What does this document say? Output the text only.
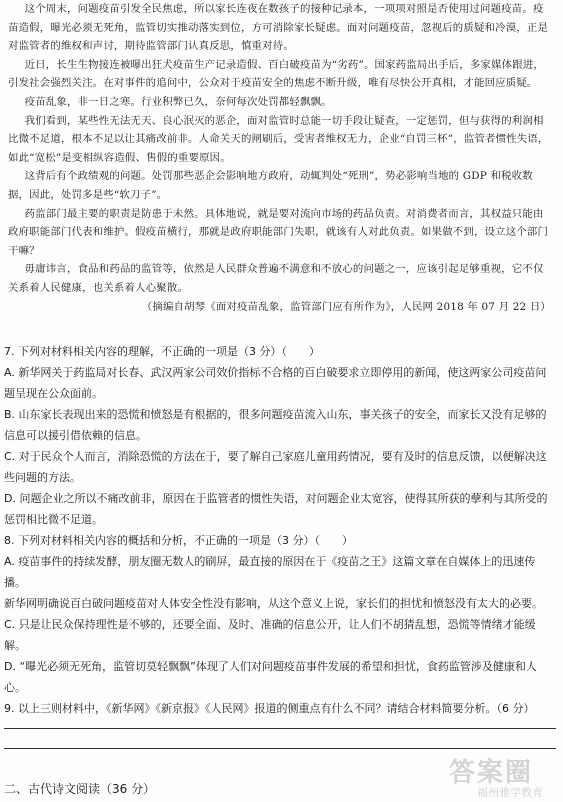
这个周末，问题疫苗引发全民焦虑，所以家长连夜在数孩子的接种记录本，一项项对照是否使用过问题疫苗。疫苗造假，曝光必须无死角，监管切实推动落实到位，方可消除家长疑虑。面对问题疫苗，忽视后的质疑和冷漠，正是对监管者的维权和声讨，期待监管部门认真反思，慎重对待。

近日，长生生物接连被曝出狂犬疫苗生产记录造假、百白破疫苗为“劣药”。国家药监局出手后，多家媒体跟进，引发社会强烈关注。在对事件的追问中，公众对于疫苗安全的焦虑不断升级，唯有尽快公开真相，才能回应质疑。

疫苗乱象，非一日之寒。行业积弊已久，奈何每次处罚都轻飘飘。

我们看到，某些性无法无天、良心泯灭的恶企，面对监管时总能一切手段让疑查，一定惩罚，但与获得的利润相比微不足道，根本不足以让其痛改前非。人命关天的闸刷后，受害者维权无力，企业“自罚三杯”，监管者惯性失语，如此“宽松”是变相纵容造假、售假的重要原因。

这背后有个政绩观的问题。处罚那些恶企会影响地方政府，动辄判处“死刑”，势必影响当地的 GDP 和税收数据，因此，处罚多是些“软刀子”。

药监部门最主要的职责是防患于未然。具体地说，就是要对流向市场的药品负责。对消费者而言，其权益只能由政府职能部门代表和维护。假疫苗横行，那就是政府职能部门失职，就该有人对此负责。如果做不到，设立这个部门干嘛？

毋庸讳言，食品和药品的监管等，依然是人民群众普遍不满意和不放心的问题之一，应该引起足够重视，它不仅关系着人民健康，也关系着人心聚散。

（摘编自胡琴《面对疫苗乱象，监管部门应有所作为》，人民网 2018 年 07 月 22 日）

7. 下列对材料相关内容的理解，不正确的一项是（3 分）（　　）

A. 新华网关于药监局对长春、武汉两家公司效价指标不合格的百白破要求立即停用的新闻，使这两家公司疫苗问题呈现在公众面前。

B. 山东家长表现出来的恐慌和愤怒是有根据的，很多问题疫苗流入山东，事关孩子的安全，而家长又没有足够的信息可以援引借依赖的信息。

C. 对于民众个人而言，消除恐慌的方法在于，要了解自己家庭儿童用药情况，要有及时的信息反馈，以便解决这些问题的方法。

D. 问题企业之所以不痛改前非，原因在于监管者的惯性失语，对问题企业太宽容，使得其所获的孽利与其所受的惩罚相比微不足道。

8. 下列对材料相关内容的概括和分析，不正确的一项是（3 分）（　　）

A. 疫苗事件的持续发酵，朋友圈无数人的刷屏，最直接的原因在于《疫苗之王》这篇文章在自媒体上的迅速传播。

新华网明确说百白破问题疫苗对人体安全性没有影响，从这个意义上说，家长们的担忧和愤怒没有太大的必要。

C. 只是让民众保持理性是不够的，还要全面、及时、准确的信息公开，让人们不胡猜乱想，恐慌等情绪才能缓解。

D. “曝光必须无死角，监管切莫轻飘飘”体现了人们对问题疫苗事件发展的希望和担忧，食药监管涉及健康和人心。

9. 以上三则材料中，《新华网》《新京报》《人民网》报道的侧重点有什么不同？请结合材料简要分析。（6 分）

二、古代诗文阅读（36 分）
答案圈
福州雅学教育
